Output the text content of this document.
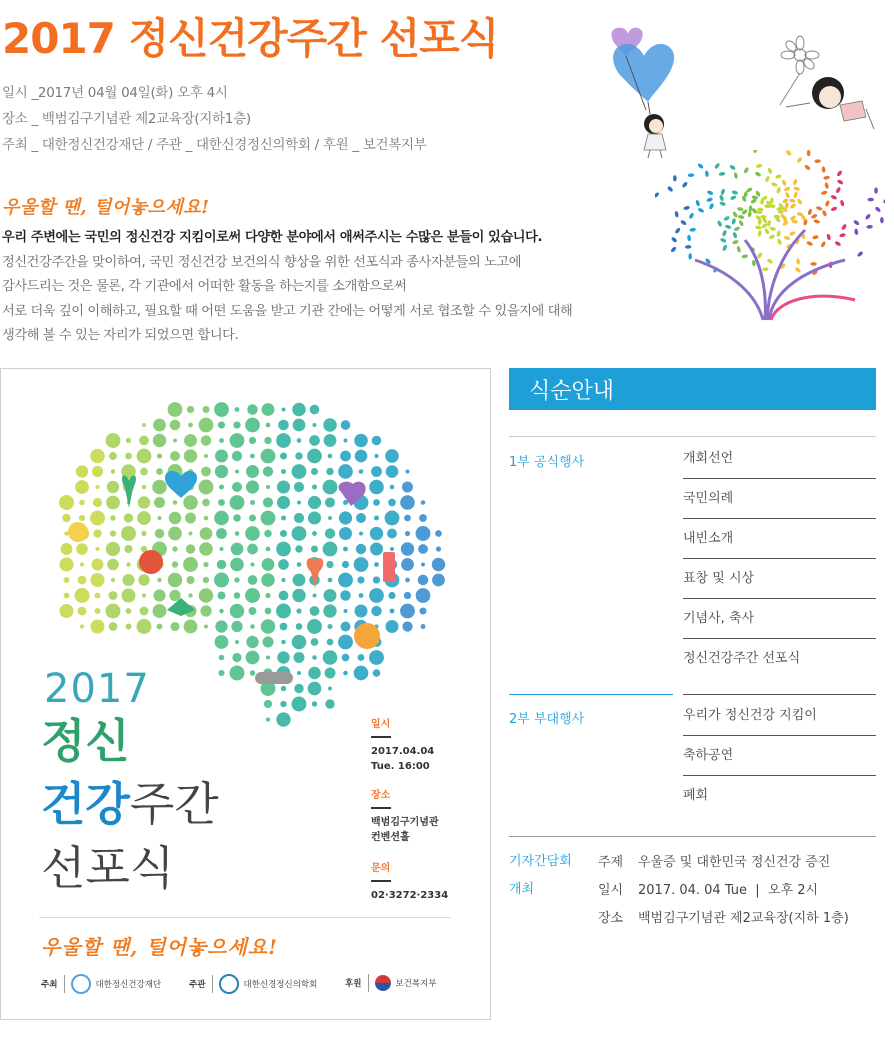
2017 정신건강주간 선포식
일시 _2017년 04월 04일(화) 오후 4시
장소 _ 백범김구기념관 제2교육장(지하1층)
주최 _ 대한정신건강재단 / 주관 _ 대한신경정신의학회 / 후원 _ 보건복지부
우울할 땐, 털어놓으세요!
우리 주변에는 국민의 정신건강 지킴이로써 다양한 분야에서 애써주시는 수많은 분들이 있습니다.
정신건강주간을 맞이하여, 국민 정신건강 보건의식 향상을 위한 선포식과 종사자분들의 노고에
감사드리는 것은 물론, 각 기관에서 어떠한 활동을 하는지를 소개함으로써
서로 더욱 깊이 이해하고, 필요할 때 어떤 도움을 받고 기관 간에는 어떻게 서로 협조할 수 있을지에 대해
생각해 볼 수 있는 자리가 되었으면 합니다.
2017
정신
건강주간
선포식
일시
2017.04.04
Tue. 16:00
장소
백범김구기념관
컨벤션홀
문의
02·3272·2334
우울할 땐, 털어놓으세요!
주최	대한정신건강재단	주관	대한신경정신의학회	후원	보건복지부
식순안내
1부 공식행사	개회선언
국민의례
내빈소개
표창 및 시상
기념사, 축사
정신건강주간 선포식
2부 부대행사	우리가 정신건강 지킴이
축하공연
폐회
기자간담회
개최
주제 우울증 및 대한민국 정신건강 증진
일시 2017. 04. 04 Tue  |  오후 2시
장소 백범김구기념관 제2교육장(지하 1층)
